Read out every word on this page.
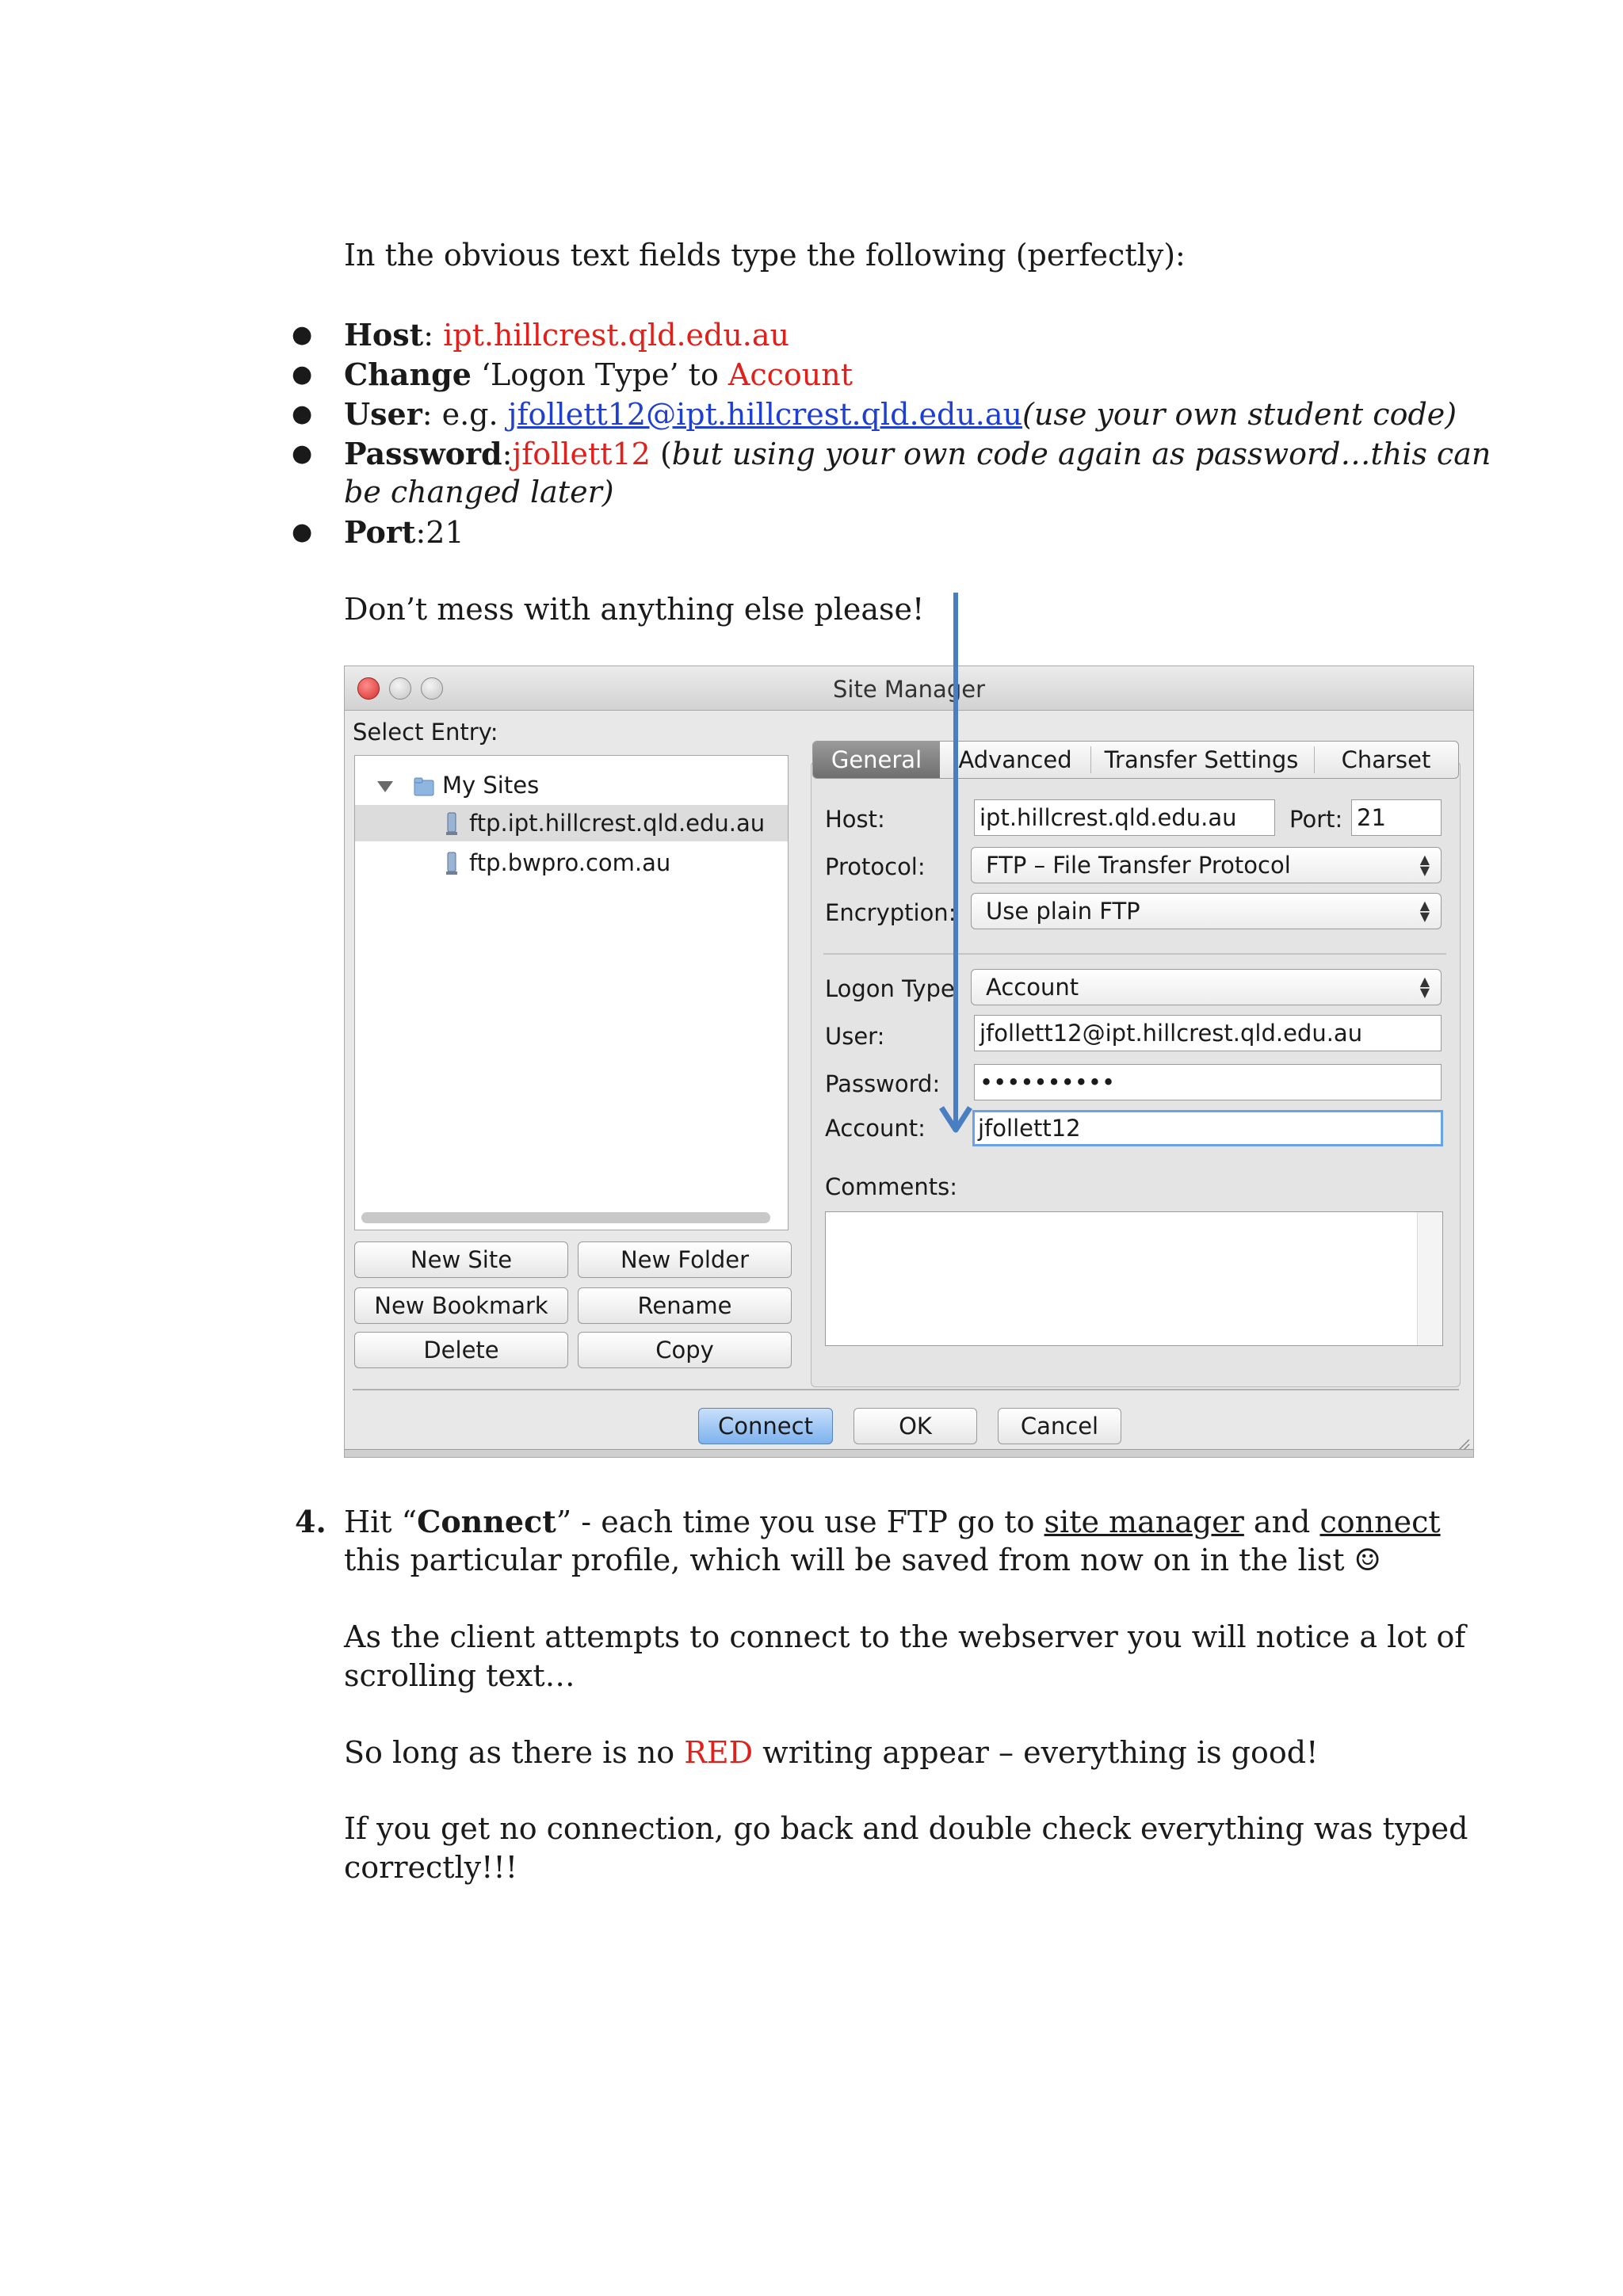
In the obvious text fields type the following (perfectly):
● Host: ipt.hillcrest.qld.edu.au
● Change ‘Logon Type’ to Account
● User: e.g. jfollett12@ipt.hillcrest.qld.edu.au(use your own student code)
● Password:jfollett12 (but using your own code again as password…this can
be changed later)
● Port:21
Don’t mess with anything else please!
Site Manager
Select Entry:
My Sites
ftp.ipt.hillcrest.qld.edu.au
ftp.bwpro.com.au
New Site	New Folder
New Bookmark	Rename
Delete	Copy
General	Advanced	Transfer Settings	Charset
Host:	ipt.hillcrest.qld.edu.au	Port: 21
Protocol:	FTP – File Transfer Protocol	▲
▼
Encryption:	Use plain FTP	▲
▼
Logon Type	Account	▲
▼
User:	jfollett12@ipt.hillcrest.qld.edu.au
Password: ••••••••••
Account: jfollett12
Comments:
Connect	OK	Cancel
4. Hit “Connect” - each time you use FTP go to site manager and connect
this particular profile, which will be saved from now on in the list ☺
As the client attempts to connect to the webserver you will notice a lot of
scrolling text…
So long as there is no RED writing appear – everything is good!
If you get no connection, go back and double check everything was typed
correctly!!!
